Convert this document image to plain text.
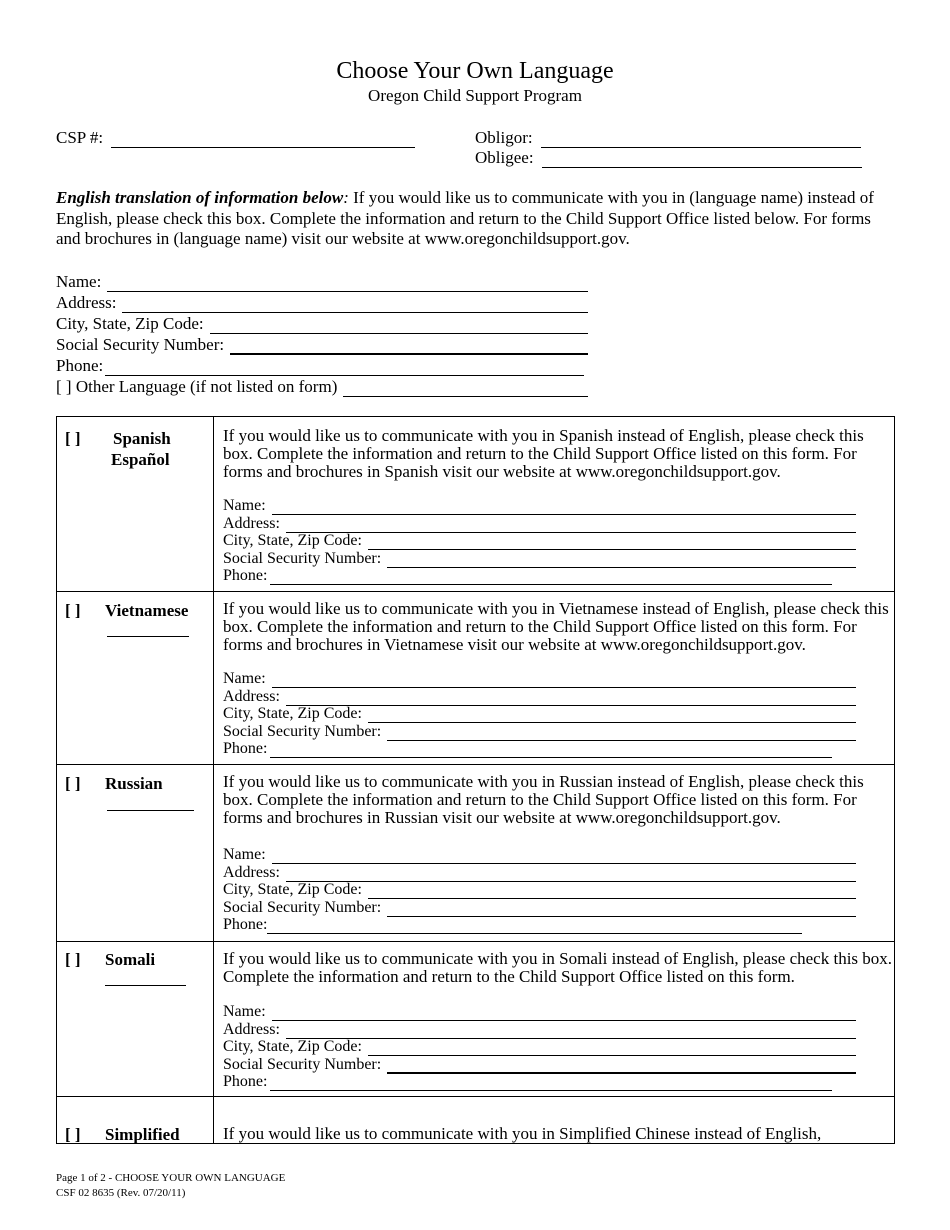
Choose Your Own Language
Oregon Child Support Program
CSP #:	Obligor:
Obligee:
English translation of information below: If you would like us to communicate with you in (language name) instead of English, please check this box. Complete the information and return to the Child Support Office listed below. For forms and brochures in (language name) visit our website at www.oregonchildsupport.gov.
Name:
Address:
City, State, Zip Code:
Social Security Number:
Phone:
[ ] Other Language (if not listed on form)
[ ] Spanish
Español
If you would like us to communicate with you in Spanish instead of English, please check this box. Complete the information and return to the Child Support Office listed on this form. For forms and brochures in Spanish visit our website at www.oregonchildsupport.gov.
Name:
Address:
City, State, Zip Code:
Social Security Number:
Phone:
[ ] Vietnamese If you would like us to communicate with you in Vietnamese instead of English, please check this box. Complete the information and return to the Child Support Office listed on this form. For forms and brochures in Vietnamese visit our website at www.oregonchildsupport.gov.
Name:
Address:
City, State, Zip Code:
Social Security Number:
Phone:
[ ] Russian	If you would like us to communicate with you in Russian instead of English, please check this box. Complete the information and return to the Child Support Office listed on this form. For forms and brochures in Russian visit our website at www.oregonchildsupport.gov.
Name:
Address:
City, State, Zip Code:
Social Security Number:
Phone:
[ ] Somali	If you would like us to communicate with you in Somali instead of English, please check this box. Complete the information and return to the Child Support Office listed on this form.
Name:
Address:
City, State, Zip Code:
Social Security Number:
Phone:
[ ] Simplified	If you would like us to communicate with you in Simplified Chinese instead of English,
Page 1 of 2 - CHOOSE YOUR OWN LANGUAGE
CSF 02 8635 (Rev. 07/20/11)
